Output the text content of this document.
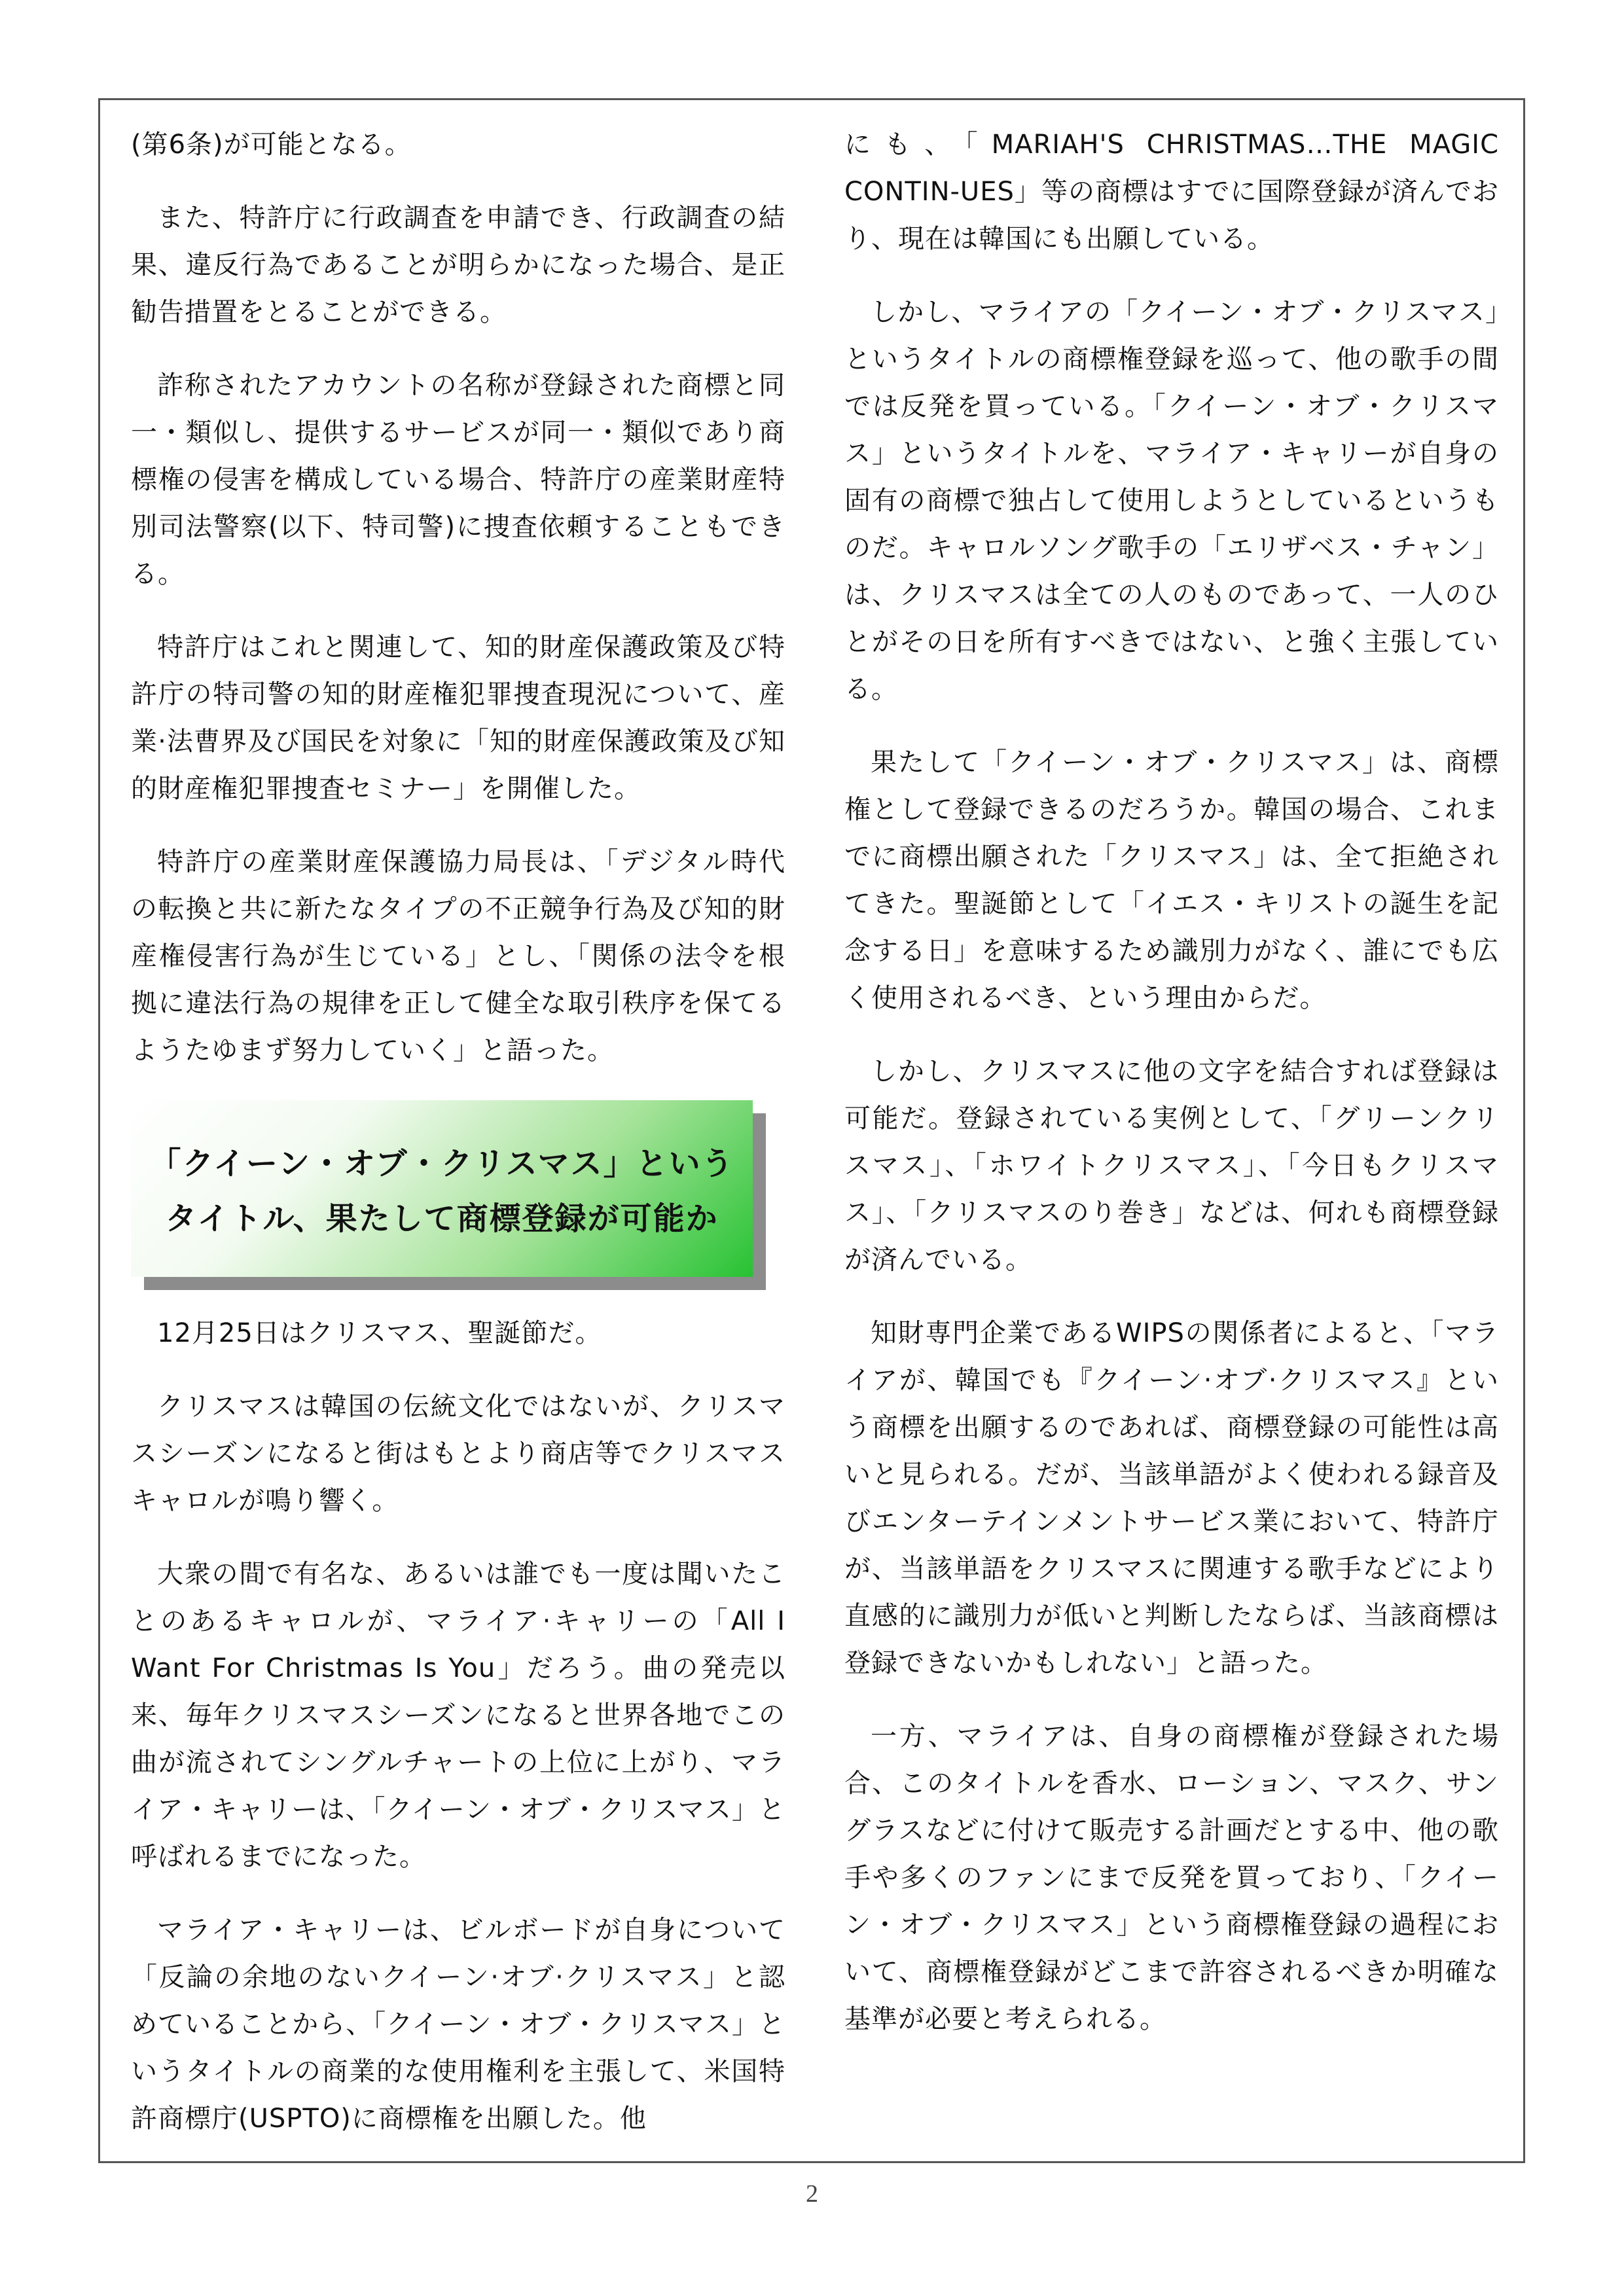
(第6条)が可能となる。

また、特許庁に行政調査を申請でき、行政調査の結果、違反行為であることが明らかになった場合、是正勧告措置をとることができる。

詐称されたアカウントの名称が登録された商標と同一・類似し、提供するサービスが同一・類似であり商標権の侵害を構成している場合、特許庁の産業財産特別司法警察(以下、特司警)に捜査依頼することもできる。

特許庁はこれと関連して、知的財産保護政策及び特許庁の特司警の知的財産権犯罪捜査現況について、産業·法曹界及び国民を対象に「知的財産保護政策及び知的財産権犯罪捜査セミナー」を開催した。

特許庁の産業財産保護協力局長は、「デジタル時代の転換と共に新たなタイプの不正競争行為及び知的財産権侵害行為が生じている」とし、「関係の法令を根拠に違法行為の規律を正して健全な取引秩序を保てるようたゆまず努力していく」と語った。

「クイーン・オブ・クリスマス」という
タイトル、果たして商標登録が可能か

12月25日はクリスマス、聖誕節だ。

クリスマスは韓国の伝統文化ではないが、クリスマスシーズンになると街はもとより商店等でクリスマスキャロルが鳴り響く。

大衆の間で有名な、あるいは誰でも一度は聞いたことのあるキャロルが、マライア·キャリーの「All I Want For Christmas Is You」だろう。曲の発売以来、毎年クリスマスシーズンになると世界各地でこの曲が流されてシングルチャートの上位に上がり、マライア・キャリーは、「クイーン・オブ・クリスマス」と呼ばれるまでになった。

マライア・キャリーは、ビルボードが自身について 「反論の余地のないクイーン·オブ·クリスマス」と認めていることから、「クイーン・オブ・クリスマス」というタイトルの商業的な使用権利を主張して、米国特許商標庁(USPTO)に商標権を出願した。他

にも、「MARIAH'S CHRISTMAS…THE MAGIC CONTIN-UES」等の商標はすでに国際登録が済んでおり、現在は韓国にも出願している。

しかし、マライアの「クイーン・オブ・クリスマス」というタイトルの商標権登録を巡って、他の歌手の間では反発を買っている。「クイーン・オブ・クリスマス」というタイトルを、マライア・キャリーが自身の固有の商標で独占して使用しようとしているというものだ。キャロルソング歌手の「エリザベス・チャン」は、クリスマスは全ての人のものであって、一人のひとがその日を所有すべきではない、と強く主張している。

果たして「クイーン・オブ・クリスマス」は、商標権として登録できるのだろうか。韓国の場合、これまでに商標出願された「クリスマス」は、全て拒絶されてきた。聖誕節として「イエス・キリストの誕生を記念する日」を意味するため識別力がなく、誰にでも広く使用されるべき、という理由からだ。

しかし、クリスマスに他の文字を結合すれば登録は可能だ。登録されている実例として、「グリーンクリスマス」、「ホワイトクリスマス」、「今日もクリスマス」、「クリスマスのり巻き」などは、何れも商標登録が済んでいる。

知財専門企業であるWIPSの関係者によると、「マライアが、韓国でも『クイーン·オブ·クリスマス』という商標を出願するのであれば、商標登録の可能性は高いと見られる。だが、当該単語がよく使われる録音及びエンターテインメントサービス業において、特許庁が、当該単語をクリスマスに関連する歌手などにより直感的に識別力が低いと判断したならば、当該商標は登録できないかもしれない」と語った。

一方、マライアは、自身の商標権が登録された場合、このタイトルを香水、ローション、マスク、サングラスなどに付けて販売する計画だとする中、他の歌手や多くのファンにまで反発を買っており、「クイーン・オブ・クリスマス」という商標権登録の過程において、商標権登録がどこまで許容されるべきか明確な基準が必要と考えられる。

2
